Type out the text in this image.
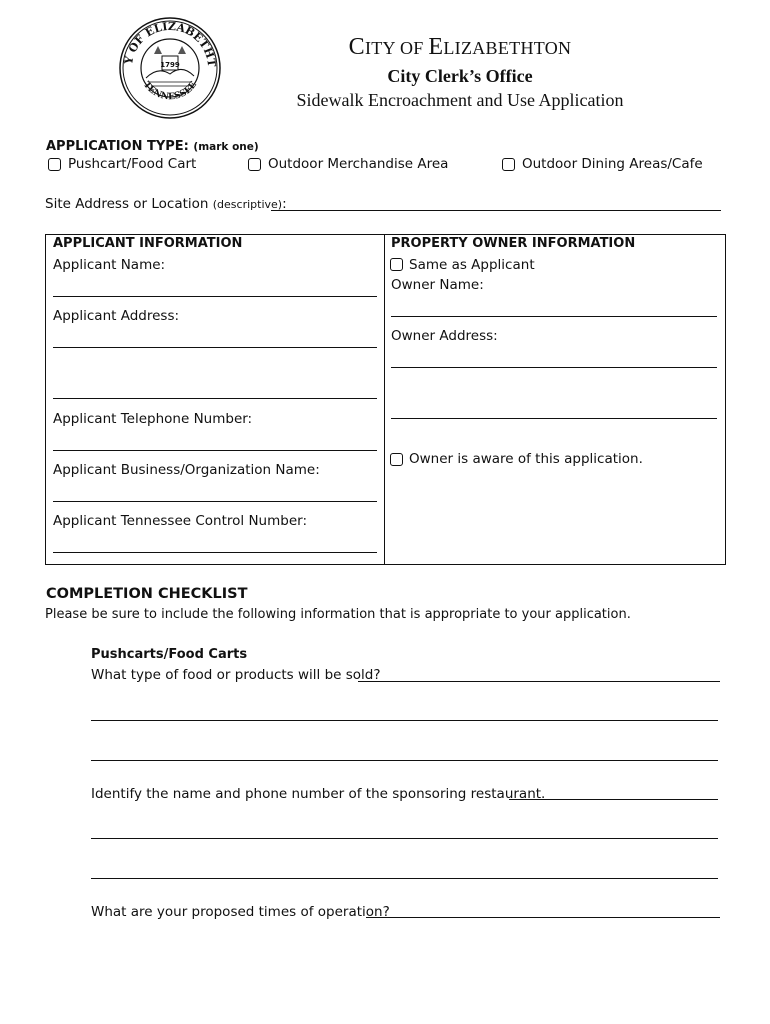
Y OF ELIZABETHT
TENNESSEE
1799
CITY OF ELIZABETHTON
City Clerk’s Office
Sidewalk Encroachment and Use Application
APPLICATION TYPE: (mark one)
Pushcart/Food Cart	Outdoor Merchandise Area	Outdoor Dining Areas/Cafe
Site Address or Location (descriptive):
APPLICANT INFORMATION
Applicant Name:
Applicant Address:
Applicant Telephone Number:
Applicant Business/Organization Name:
Applicant Tennessee Control Number:
PROPERTY OWNER INFORMATION
Same as Applicant
Owner Name:
Owner Address:
Owner is aware of this application.
COMPLETION CHECKLIST
Please be sure to include the following information that is appropriate to your application.
Pushcarts/Food Carts
What type of food or products will be sold?
Identify the name and phone number of the sponsoring restaurant.
What are your proposed times of operation?
